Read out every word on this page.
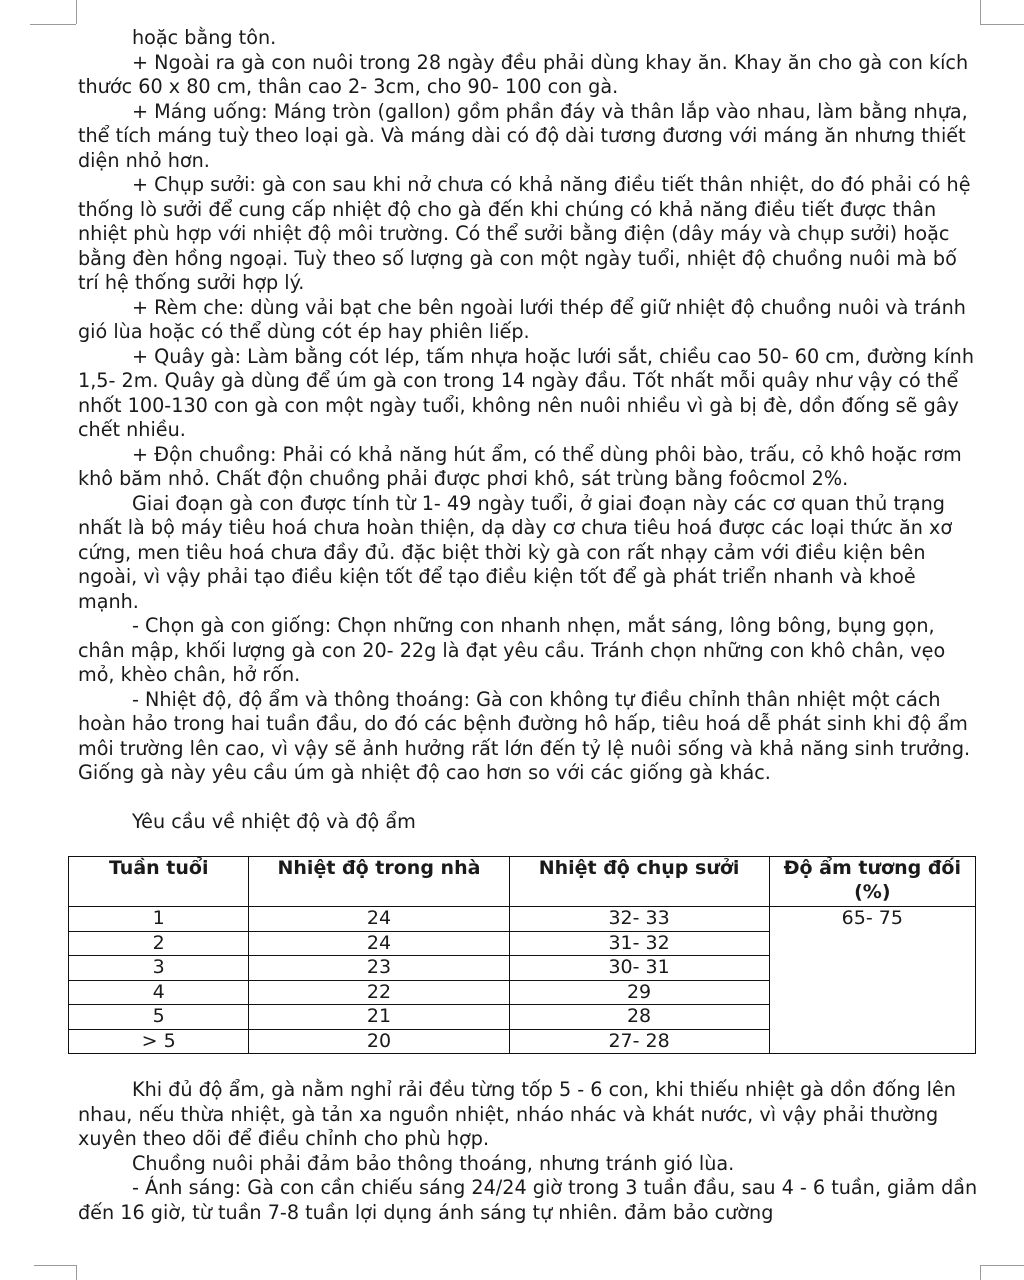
hoặc bằng tôn.

+ Ngoài ra gà con nuôi trong 28 ngày đều phải dùng khay ăn. Khay ăn cho gà con kích thước 60 x 80 cm, thân cao 2- 3cm, cho 90- 100 con gà.

+ Máng uống: Máng tròn (gallon) gồm phần đáy và thân lắp vào nhau, làm bằng nhựa, thể tích máng tuỳ theo loại gà. Và máng dài có độ dài tương đương với máng ăn nhưng thiết diện nhỏ hơn.

+ Chụp sưởi: gà con sau khi nở chưa có khả năng điều tiết thân nhiệt, do đó phải có hệ thống lò sưởi để cung cấp nhiệt độ cho gà đến khi chúng có khả năng điều tiết được thân nhiệt phù hợp với nhiệt độ môi trường. Có thể sưởi bằng điện (dây máy và chụp sưởi) hoặc bằng đèn hồng ngoại. Tuỳ theo số lượng gà con một ngày tuổi, nhiệt độ chuồng nuôi mà bố trí hệ thống sưởi hợp lý.

+ Rèm che: dùng vải bạt che bên ngoài lưới thép để giữ nhiệt độ chuồng nuôi và tránh gió lùa hoặc có thể dùng cót ép hay phiên liếp.

+ Quây gà: Làm bằng cót lép, tấm nhựa hoặc lưới sắt, chiều cao 50- 60 cm, đường kính 1,5- 2m. Quây gà dùng để úm gà con trong 14 ngày đầu. Tốt nhất mỗi quây như vậy có thể nhốt 100-130 con gà con một ngày tuổi, không nên nuôi nhiều vì gà bị đè, dồn đống sẽ gây chết nhiều.

+ Độn chuồng: Phải có khả năng hút ẩm, có thể dùng phôi bào, trấu, cỏ khô hoặc rơm khô băm nhỏ. Chất độn chuồng phải được phơi khô, sát trùng bằng foôcmol 2%.

Giai đoạn gà con được tính từ 1- 49 ngày tuổi, ở giai đoạn này các cơ quan thủ trạng nhất là bộ máy tiêu hoá chưa hoàn thiện, dạ dày cơ chưa tiêu hoá được các loại thức ăn xơ cứng, men tiêu hoá chưa đầy đủ. đặc biệt thời kỳ gà con rất nhạy cảm với điều kiện bên ngoài, vì vậy phải tạo điều kiện tốt để tạo điều kiện tốt để gà phát triển nhanh và khoẻ mạnh.

- Chọn gà con giống: Chọn những con nhanh nhẹn, mắt sáng, lông bông, bụng gọn, chân mập, khối lượng gà con 20- 22g là đạt yêu cầu. Tránh chọn những con khô chân, vẹo mỏ, khèo chân, hở rốn.

- Nhiệt độ, độ ẩm và thông thoáng: Gà con không tự điều chỉnh thân nhiệt một cách hoàn hảo trong hai tuần đầu, do đó các bệnh đường hô hấp, tiêu hoá dễ phát sinh khi độ ẩm môi trường lên cao, vì vậy sẽ ảnh hưởng rất lớn đến tỷ lệ nuôi sống và khả năng sinh trưởng. Giống gà này yêu cầu úm gà nhiệt độ cao hơn so với các giống gà khác.

Yêu cầu về nhiệt độ và độ ẩm

Tuần tuổi	Nhiệt độ trong nhà	Nhiệt độ chụp sưởi	Độ ẩm tương đối (%)
1	24	32- 33	65- 75
2	24	31- 32	
3	23	30- 31	
4	22	29	
5	21	28	
> 5	20	27- 28	

Khi đủ độ ẩm, gà nằm nghỉ rải đều từng tốp 5 - 6 con, khi thiếu nhiệt gà dồn đống lên nhau, nếu thừa nhiệt, gà tản xa nguồn nhiệt, nháo nhác và khát nước, vì vậy phải thường xuyên theo dõi để điều chỉnh cho phù hợp.

Chuồng nuôi phải đảm bảo thông thoáng, nhưng tránh gió lùa.

- Ánh sáng: Gà con cần chiếu sáng 24/24 giờ trong 3 tuần đầu, sau 4 - 6 tuần, giảm dần đến 16 giờ, từ tuần 7-8 tuần lợi dụng ánh sáng tự nhiên. đảm bảo cường
